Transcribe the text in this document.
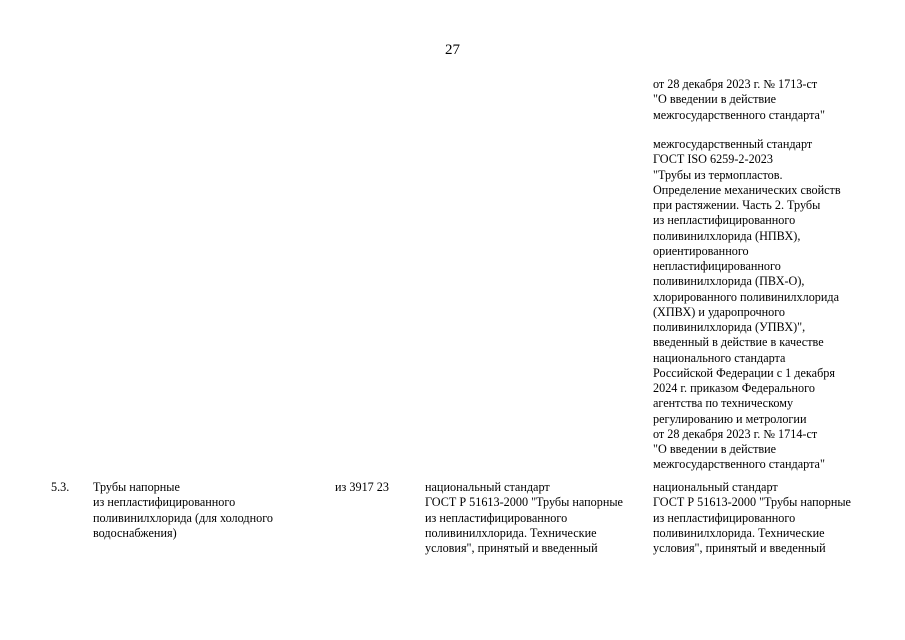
27
от 28 декабря 2023 г. № 1713-ст
"О введении в действие
межгосударственного стандарта"
межгосударственный стандарт
ГОСТ ISO 6259-2-2023
"Трубы из термопластов.
Определение механических свойств
при растяжении. Часть 2. Трубы
из непластифицированного
поливинилхлорида (НПВХ),
ориентированного
непластифицированного
поливинилхлорида (ПВХ-О),
хлорированного поливинилхлорида
(ХПВХ) и ударопрочного
поливинилхлорида (УПВХ)",
введенный в действие в качестве
национального стандарта
Российской Федерации с 1 декабря
2024 г. приказом Федерального
агентства по техническому
регулированию и метрологии
от 28 декабря 2023 г. № 1714-ст
"О введении в действие
межгосударственного стандарта"
5.3.	Трубы напорные
из непластифицированного
поливинилхлорида (для холодного
водоснабжения)
из 3917 23	национальный стандарт
ГОСТ Р 51613-2000 "Трубы напорные
из непластифицированного
поливинилхлорида. Технические
условия", принятый и введенный
национальный стандарт
ГОСТ Р 51613-2000 "Трубы напорные
из непластифицированного
поливинилхлорида. Технические
условия", принятый и введенный
